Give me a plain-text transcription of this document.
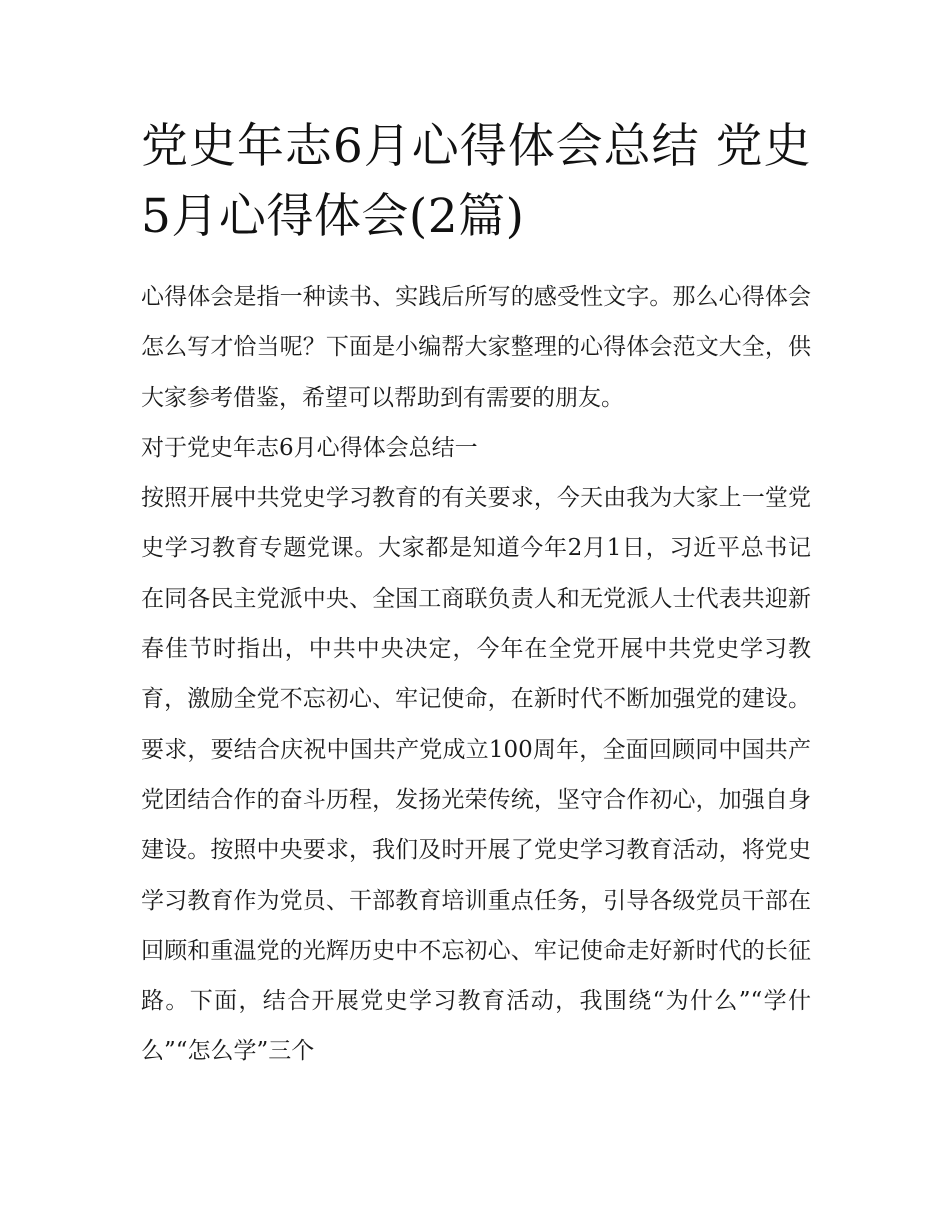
党史年志6月心得体会总结 党史5月心得体会(2篇)

心得体会是指一种读书、实践后所写的感受性文字。那么心得体会怎么写才恰当呢？下面是小编帮大家整理的心得体会范文大全，供大家参考借鉴，希望可以帮助到有需要的朋友。

对于党史年志6月心得体会总结一

按照开展中共党史学习教育的有关要求，今天由我为大家上一堂党史学习教育专题党课。大家都是知道今年2月1日，习近平总书记在同各民主党派中央、全国工商联负责人和无党派人士代表共迎新春佳节时指出，中共中央决定，今年在全党开展中共党史学习教育，激励全党不忘初心、牢记使命，在新时代不断加强党的建设。要求，要结合庆祝中国共产党成立100周年，全面回顾同中国共产党团结合作的奋斗历程，发扬光荣传统，坚守合作初心，加强自身建设。按照中央要求，我们及时开展了党史学习教育活动，将党史学习教育作为党员、干部教育培训重点任务，引导各级党员干部在回顾和重温党的光辉历史中不忘初心、牢记使命走好新时代的长征路。下面，结合开展党史学习教育活动，我围绕“为什么”“学什么”“怎么学”三个
